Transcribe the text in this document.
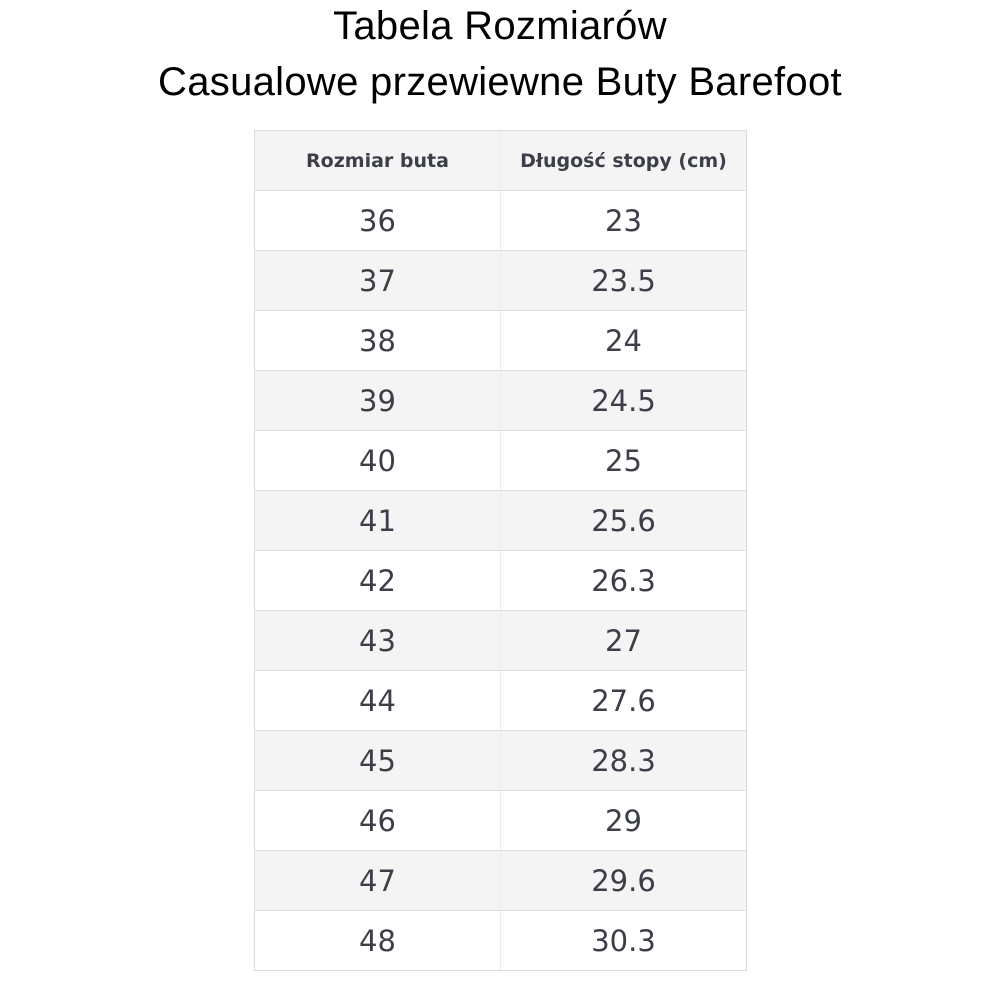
Tabela Rozmiarów
Casualowe przewiewne Buty Barefoot
Rozmiar buta	Długość stopy (cm)
36	23
37	23.5
38	24
39	24.5
40	25
41	25.6
42	26.3
43	27
44	27.6
45	28.3
46	29
47	29.6
48	30.3
